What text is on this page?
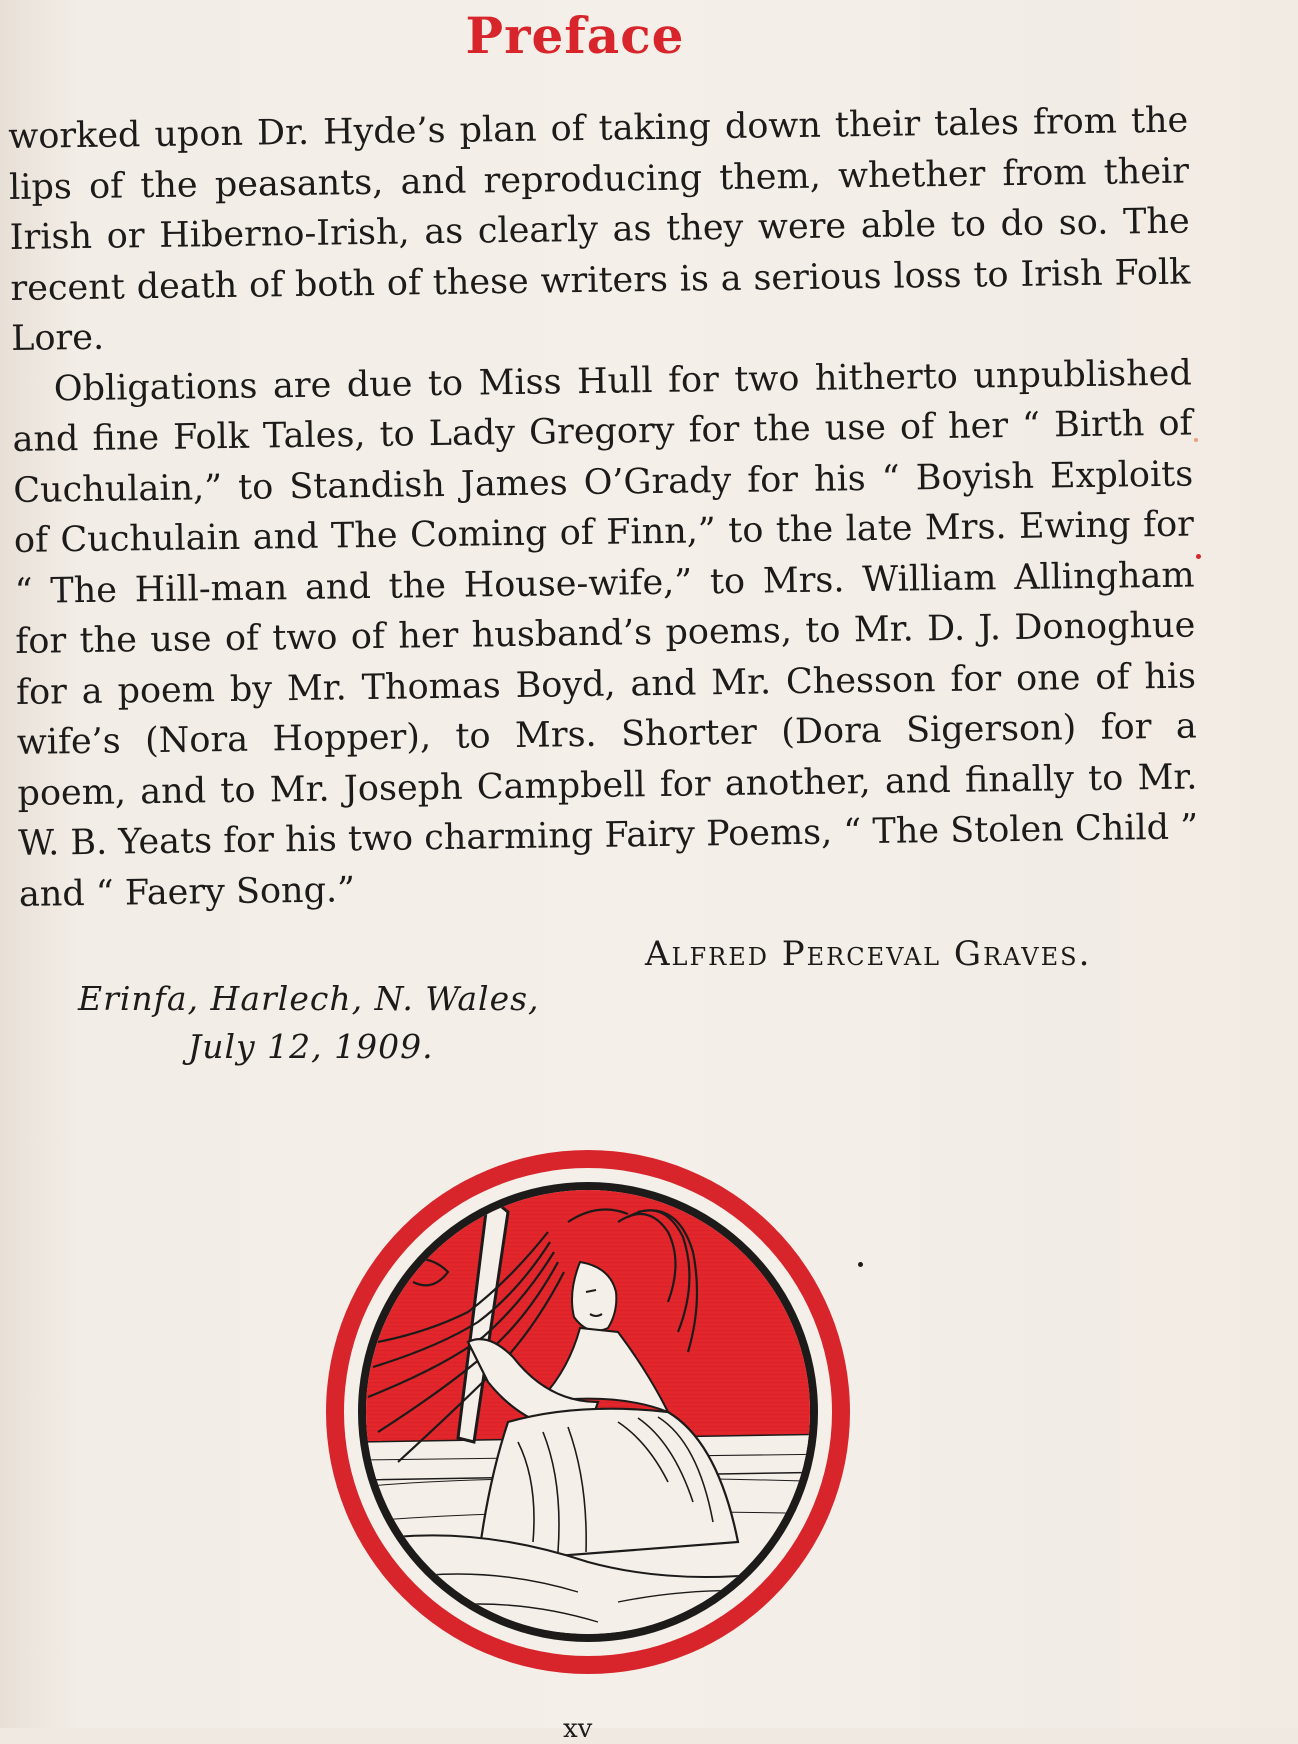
Preface

worked upon Dr. Hyde’s plan of taking down their tales from the lips of the peasants, and reproducing them, whether from their Irish or Hiberno-Irish, as clearly as they were able to do so. The recent death of both of these writers is a serious loss to Irish Folk Lore.

Obligations are due to Miss Hull for two hitherto unpublished and fine Folk Tales, to Lady Gregory for the use of her “ Birth of Cuchulain,” to Standish James O’Grady for his “ Boyish Exploits of Cuchulain and The Coming of Finn,” to the late Mrs. Ewing for “ The Hill-man and the House-wife,” to Mrs. William Allingham for the use of two of her husband’s poems, to Mr. D. J. Donoghue for a poem by Mr. Thomas Boyd, and Mr. Chesson for one of his wife’s (Nora Hopper), to Mrs. Shorter (Dora Sigerson) for a poem, and to Mr. Joseph Campbell for another, and finally to Mr. W. B. Yeats for his two charming Fairy Poems, “ The Stolen Child ” and “ Faery Song.”

Alfred Perceval Graves.
Erinfa, Harlech, N. Wales,
July 12, 1909.
xv
